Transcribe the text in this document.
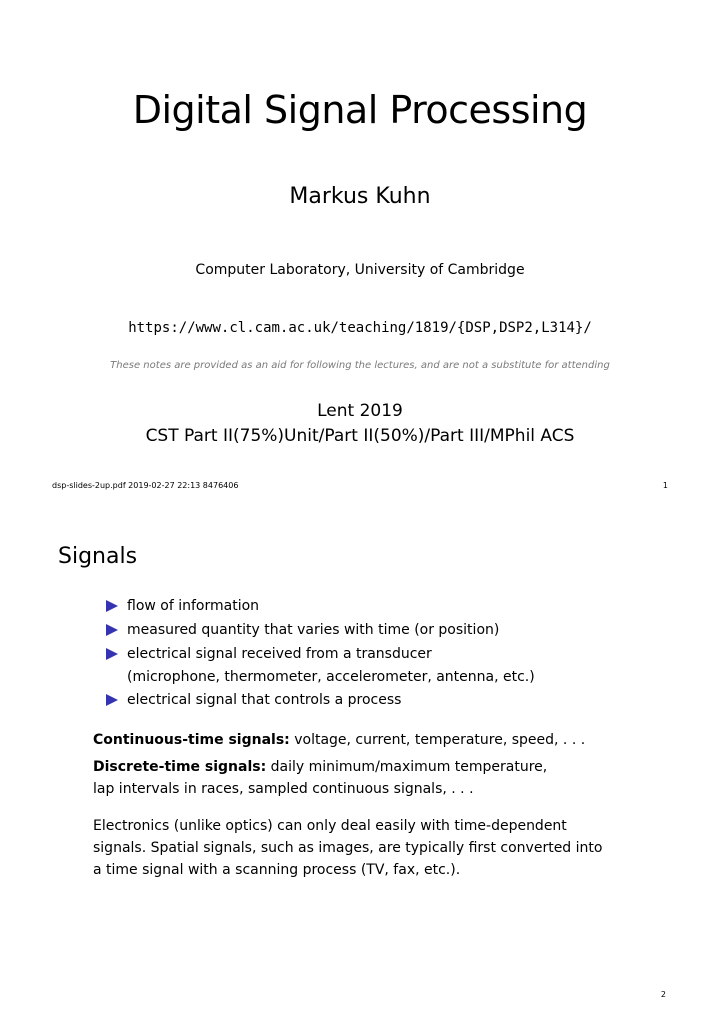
Digital Signal Processing
Markus Kuhn
Computer Laboratory, University of Cambridge
https://www.cl.cam.ac.uk/teaching/1819/{DSP,DSP2,L314}/
These notes are provided as an aid for following the lectures, and are not a substitute for attending
Lent 2019
CST Part II(75%)Unit/Part II(50%)/Part III/MPhil ACS
dsp-slides-2up.pdf 2019-02-27 22:13 8476406	1
Signals
flow of information
measured quantity that varies with time (or position)
electrical signal received from a transducer
(microphone, thermometer, accelerometer, antenna, etc.)
electrical signal that controls a process
Continuous-time signals: voltage, current, temperature, speed, . . .
Discrete-time signals: daily minimum/maximum temperature,
lap intervals in races, sampled continuous signals, . . .
Electronics (unlike optics) can only deal easily with time-dependent
signals. Spatial signals, such as images, are typically first converted into
a time signal with a scanning process (TV, fax, etc.).
2
